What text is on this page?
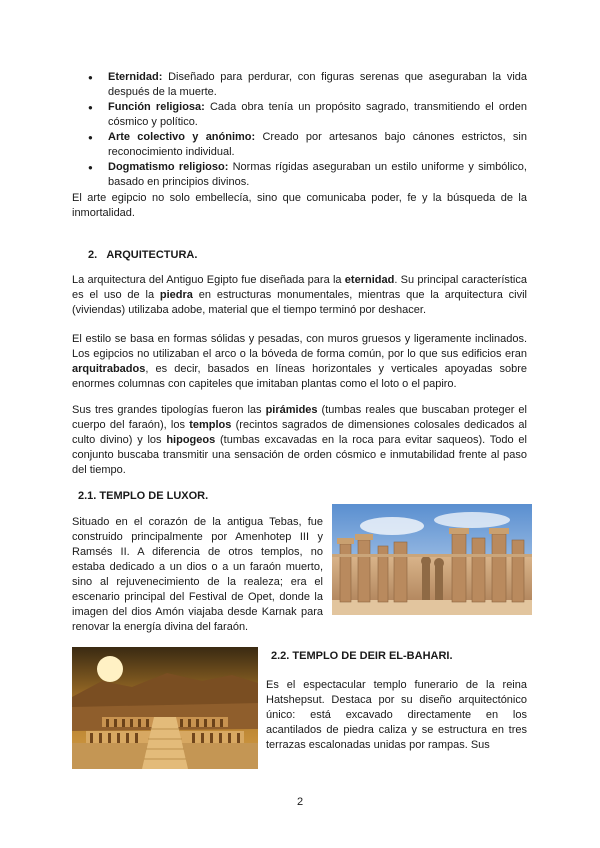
● Eternidad: Diseñado para perdurar, con figuras serenas que aseguraban la vida después de la muerte.
● Función religiosa: Cada obra tenía un propósito sagrado, transmitiendo el orden cósmico y político.
● Arte colectivo y anónimo: Creado por artesanos bajo cánones estrictos, sin reconocimiento individual.
● Dogmatismo religioso: Normas rígidas aseguraban un estilo uniforme y simbólico, basado en principios divinos.

El arte egipcio no solo embellecía, sino que comunicaba poder, fe y la búsqueda de la inmortalidad.

2. ARQUITECTURA.

La arquitectura del Antiguo Egipto fue diseñada para la eternidad. Su principal característica es el uso de la piedra en estructuras monumentales, mientras que la arquitectura civil (viviendas) utilizaba adobe, material que el tiempo terminó por deshacer.

El estilo se basa en formas sólidas y pesadas, con muros gruesos y ligeramente inclinados. Los egipcios no utilizaban el arco o la bóveda de forma común, por lo que sus edificios eran arquitrabados, es decir, basados en líneas horizontales y verticales apoyadas sobre enormes columnas con capiteles que imitaban plantas como el loto o el papiro.

Sus tres grandes tipologías fueron las pirámides (tumbas reales que buscaban proteger el cuerpo del faraón), los templos (recintos sagrados de dimensiones colosales dedicados al culto divino) y los hipogeos (tumbas excavadas en la roca para evitar saqueos). Todo el conjunto buscaba transmitir una sensación de orden cósmico e inmutabilidad frente al paso del tiempo.

2.1. TEMPLO DE LUXOR.

Situado en el corazón de la antigua Tebas, fue construido principalmente por Amenhotep III y Ramsés II. A diferencia de otros templos, no estaba dedicado a un dios o a un faraón muerto, sino al rejuvenecimiento de la realeza; era el escenario principal del Festival de Opet, donde la imagen del dios Amón viajaba desde Karnak para renovar la energía divina del faraón.

2.2. TEMPLO DE DEIR EL-BAHARI.

Es el espectacular templo funerario de la reina Hatshepsut. Destaca por su diseño arquitectónico único: está excavado directamente en los acantilados de piedra caliza y se estructura en tres terrazas escalonadas unidas por rampas. Sus

2
